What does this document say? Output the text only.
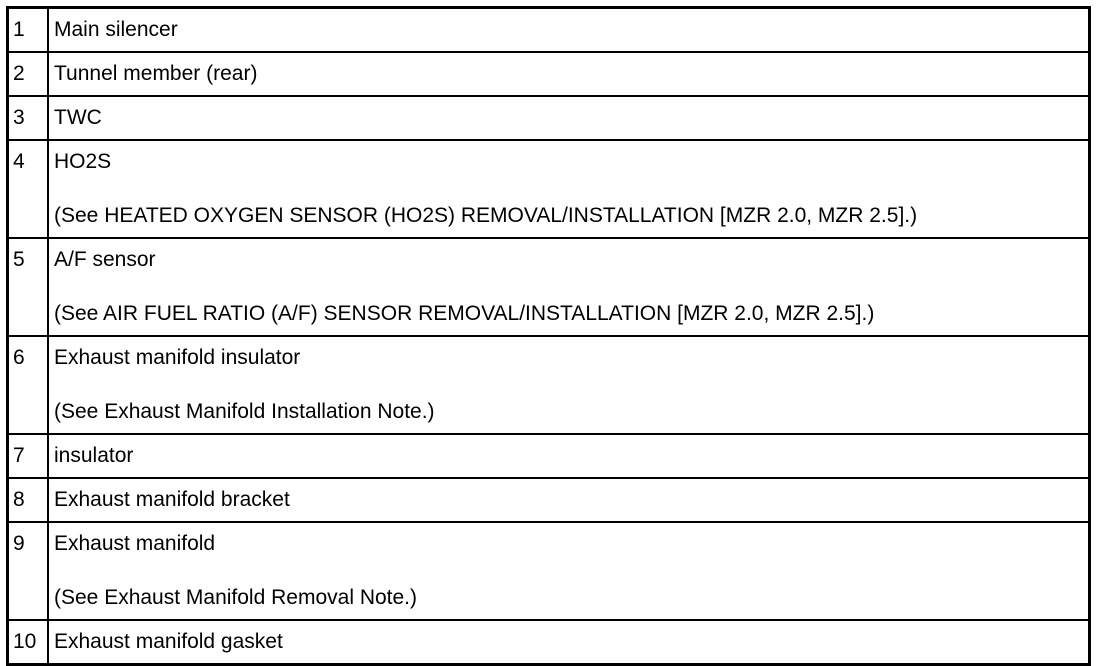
1	Main silencer

2	Tunnel member (rear)

3	TWC

4	HO2S
(See HEATED OXYGEN SENSOR (HO2S) REMOVAL/INSTALLATION [MZR 2.0, MZR 2.5].)

5	A/F sensor
(See AIR FUEL RATIO (A/F) SENSOR REMOVAL/INSTALLATION [MZR 2.0, MZR 2.5].)

6	Exhaust manifold insulator
(See Exhaust Manifold Installation Note.)

7	insulator

8	Exhaust manifold bracket

9	Exhaust manifold
(See Exhaust Manifold Removal Note.)

10	Exhaust manifold gasket
